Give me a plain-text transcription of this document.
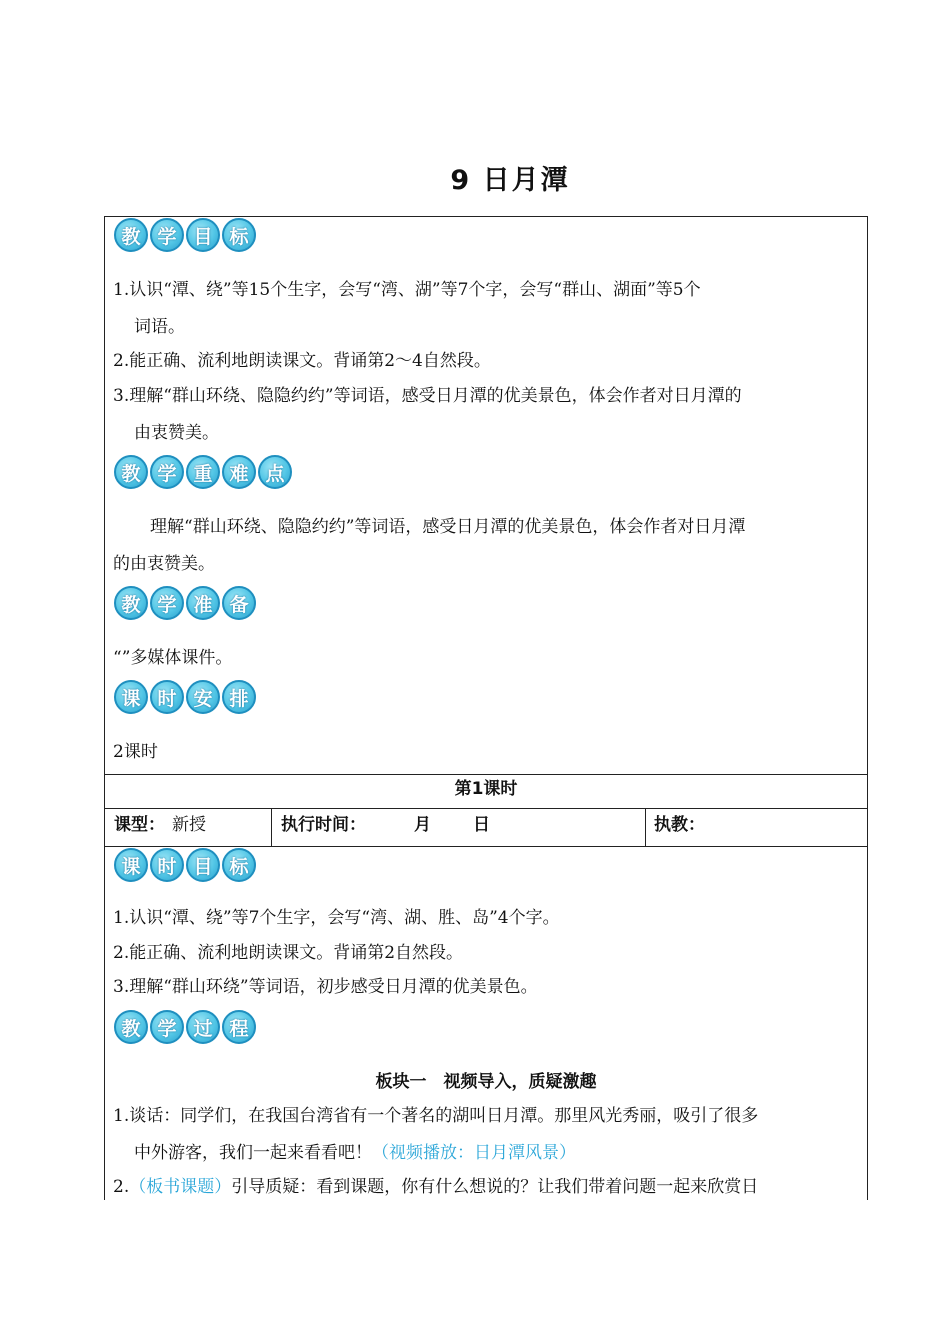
9 日月潭
教 学 目 标
1.认识“潭、绕”等15个生字，会写“湾、湖”等7个字，会写“群山、湖面”等5个
词语。
2.能正确、流利地朗读课文。背诵第2～4自然段。
3.理解“群山环绕、隐隐约约”等词语，感受日月潭的优美景色，体会作者对日月潭的
由衷赞美。
教 学 重 难 点
理解“群山环绕、隐隐约约”等词语，感受日月潭的优美景色，体会作者对日月潭
的由衷赞美。
教 学 准 备
“”多媒体课件。
课 时 安 排
2课时
第1课时
课型： 新授	执行时间：	月 日	执教：
课 时 目 标
1.认识“潭、绕”等7个生字，会写“湾、湖、胜、岛”4个字。
2.能正确、流利地朗读课文。背诵第2自然段。
3.理解“群山环绕”等词语，初步感受日月潭的优美景色。
教 学 过 程
板块一　视频导入，质疑激趣
1.谈话：同学们，在我国台湾省有一个著名的湖叫日月潭。那里风光秀丽，吸引了很多
中外游客，我们一起来看看吧！（视频播放：日月潭风景）
2.（板书课题）引导质疑：看到课题，你有什么想说的？让我们带着问题一起来欣赏日
